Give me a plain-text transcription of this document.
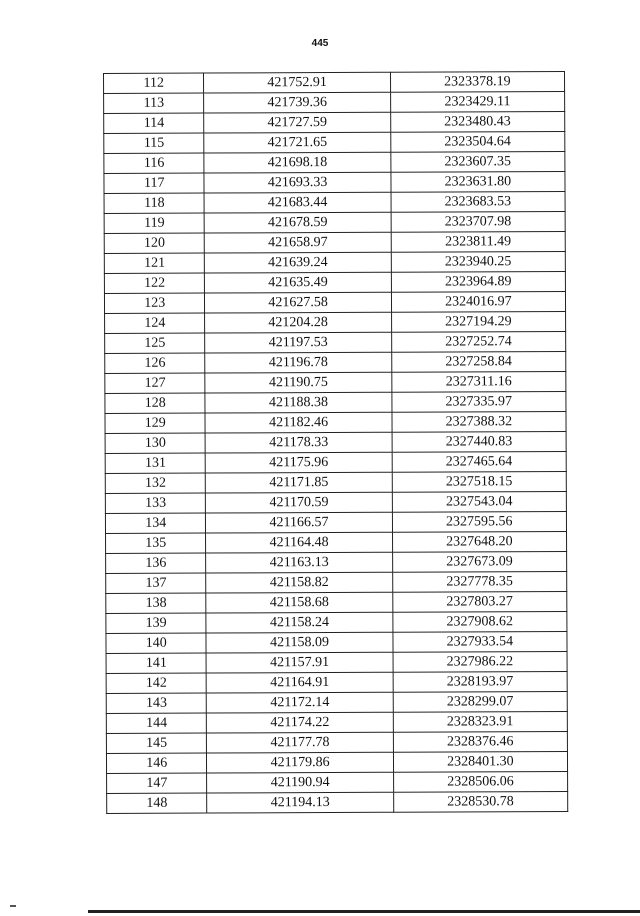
445
112	421752.91	2323378.19
113	421739.36	2323429.11
114	421727.59	2323480.43
115	421721.65	2323504.64
116	421698.18	2323607.35
117	421693.33	2323631.80
118	421683.44	2323683.53
119	421678.59	2323707.98
120	421658.97	2323811.49
121	421639.24	2323940.25
122	421635.49	2323964.89
123	421627.58	2324016.97
124	421204.28	2327194.29
125	421197.53	2327252.74
126	421196.78	2327258.84
127	421190.75	2327311.16
128	421188.38	2327335.97
129	421182.46	2327388.32
130	421178.33	2327440.83
131	421175.96	2327465.64
132	421171.85	2327518.15
133	421170.59	2327543.04
134	421166.57	2327595.56
135	421164.48	2327648.20
136	421163.13	2327673.09
137	421158.82	2327778.35
138	421158.68	2327803.27
139	421158.24	2327908.62
140	421158.09	2327933.54
141	421157.91	2327986.22
142	421164.91	2328193.97
143	421172.14	2328299.07
144	421174.22	2328323.91
145	421177.78	2328376.46
146	421179.86	2328401.30
147	421190.94	2328506.06
148	421194.13	2328530.78
